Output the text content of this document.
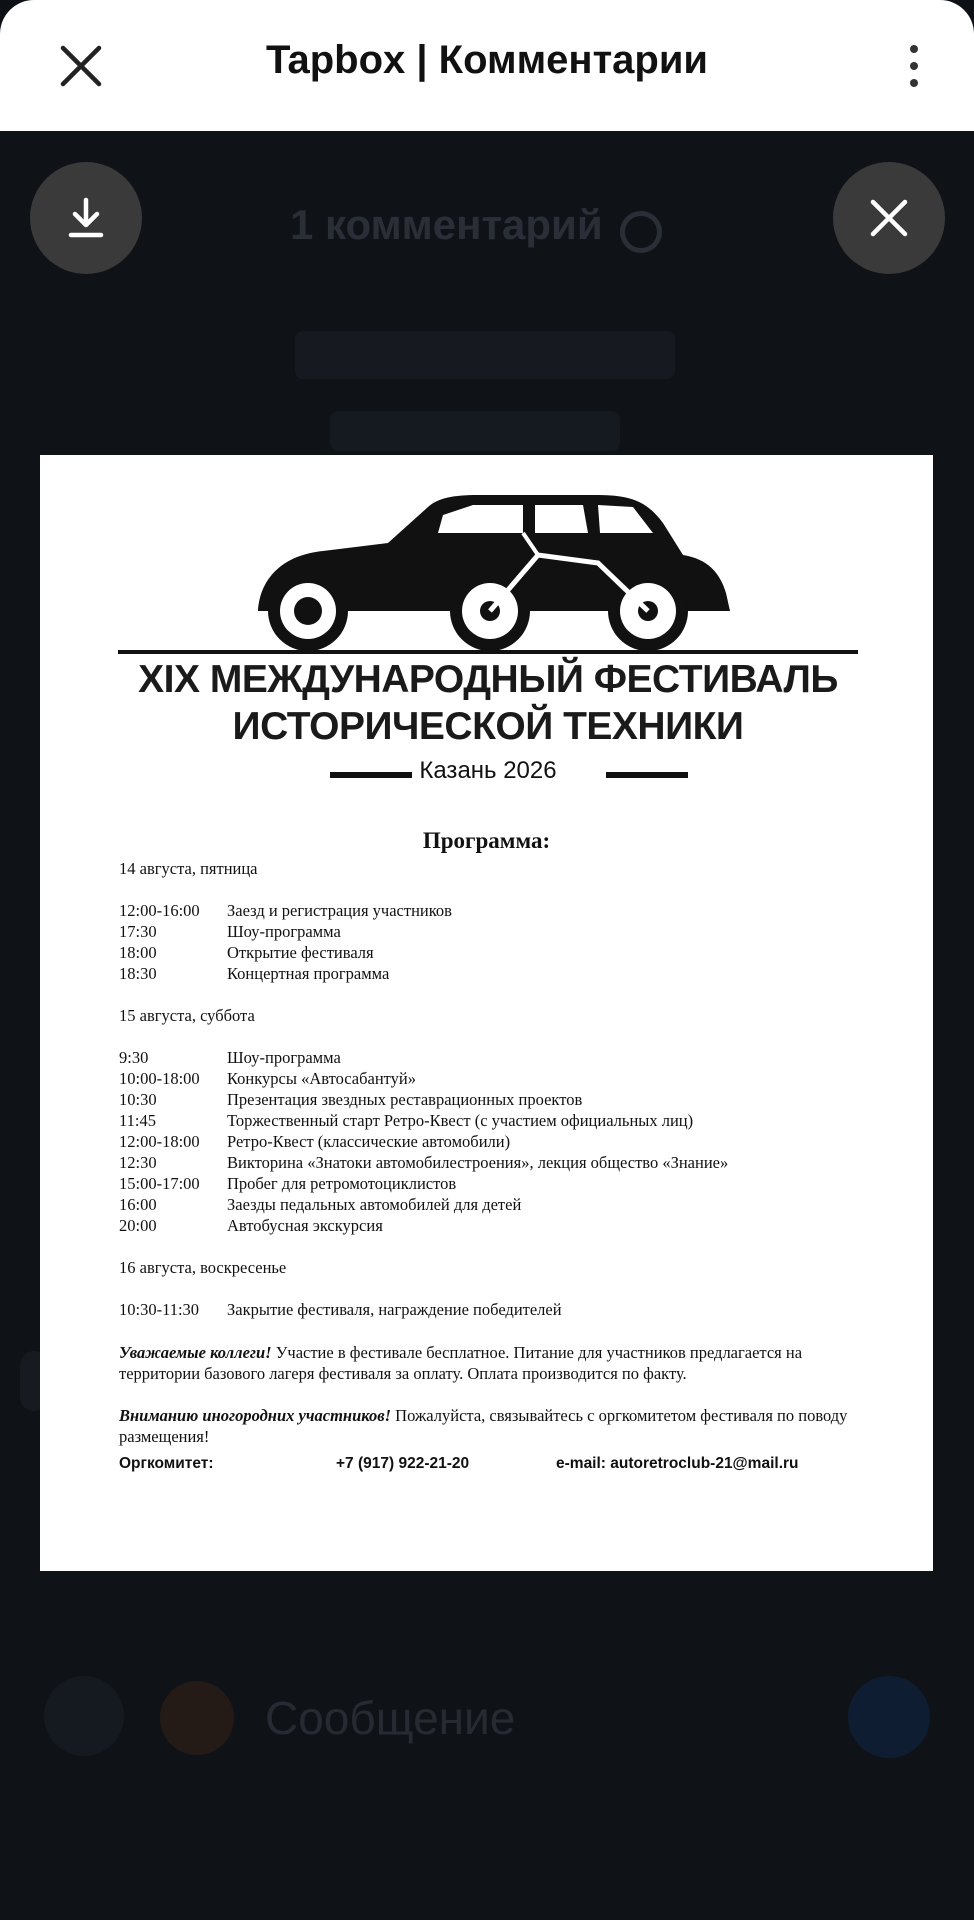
Tapbox | Комментарии
1 комментарий
Сообщение
XIX МЕЖДУНАРОДНЫЙ ФЕСТИВАЛЬ
ИСТОРИЧЕСКОЙ ТЕХНИКИ
Казань 2026
Программа:
14 августа, пятница
12:00-16:00 Заезд и регистрация участников
17:30	Шоу-программа
18:00	Открытие фестиваля
18:30	Концертная программа
15 августа, суббота
9:30	Шоу-программа
10:00-18:00 Конкурсы «Автосабантуй»
10:30	Презентация звездных реставрационных проектов
11:45	Торжественный старт Ретро-Квест (с участием официальных лиц)
12:00-18:00 Ретро-Квест (классические автомобили)
12:30	Викторина «Знатоки автомобилестроения», лекция общество «Знание»
15:00-17:00 Пробег для ретромотоциклистов
16:00	Заезды педальных автомобилей для детей
20:00	Автобусная экскурсия
16 августа, воскресенье
10:30-11:30 Закрытие фестиваля, награждение победителей
Уважаемые коллеги! Участие в фестивале бесплатное. Питание для участников предлагается на территории базового лагеря фестиваля за оплату. Оплата производится по факту.
Вниманию иногородних участников! Пожалуйста, связывайтесь с оргкомитетом фестиваля по поводу размещения!
Оргкомитет:	+7 (917) 922-21-20	e-mail: autoretroclub-21@mail.ru
